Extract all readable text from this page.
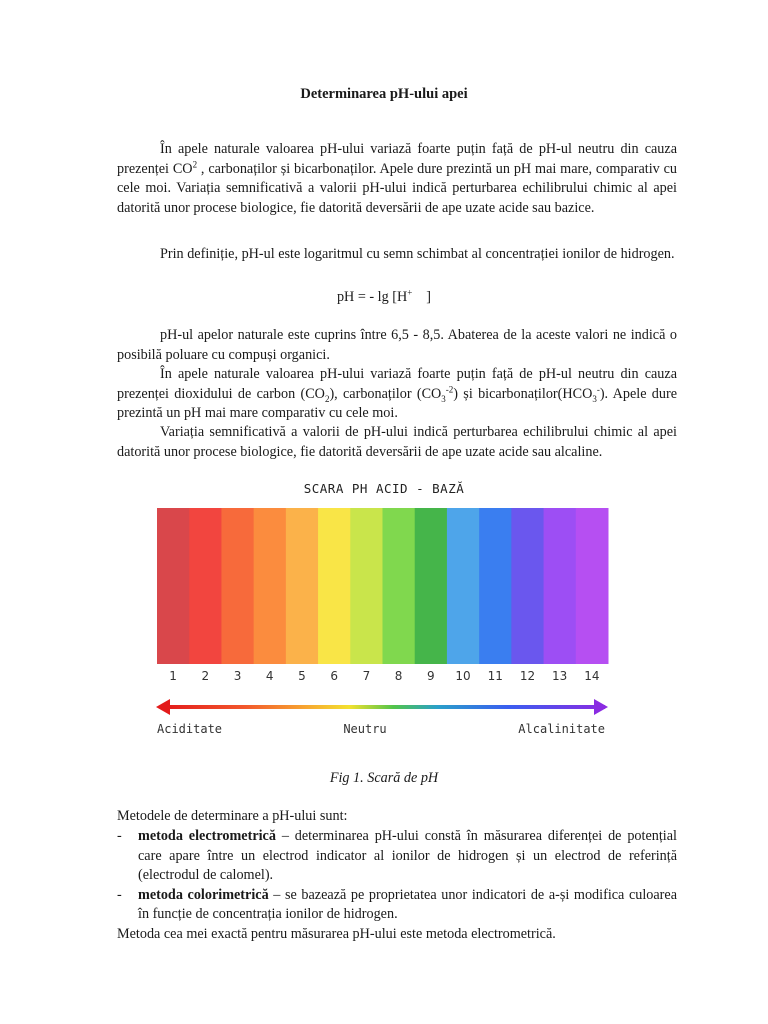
Determinarea pH-ului apei

În apele naturale valoarea pH-ului variază foarte puțin față de pH-ul neutru din cauza prezenței $CO^2$ , carbonaților și bicarbonaților. Apele dure prezintă un pH mai mare, comparativ cu cele moi. Variația semnificativă a valorii pH-ului indică perturbarea echilibrului chimic al apei datorită unor procese biologice, fie datorită deversării de ape uzate acide sau bazice.

Prin definiție, pH-ul este logaritmul cu semn schimbat al concentrației ionilor de hidrogen.

pH = - lg [H+ ]

pH-ul apelor naturale este cuprins între 6,5 - 8,5. Abaterea de la aceste valori ne indică o posibilă poluare cu compuși organici.

În apele naturale valoarea pH-ului variază foarte puțin față de pH-ul neutru din cauza prezenței dioxidului de carbon $(CO_2)$, carbonaților $(CO_3^{-2})$ și $bicarbonaților(HCO_3^-)$. Apele dure prezintă un pH mai mare comparativ cu cele moi.

Variația semnificativă a valorii de pH-ului indică perturbarea echilibrului chimic al apei datorită unor procese biologice, fie datorită deversării de ape uzate acide sau alcaline.

SCARA PH ACID - BAZĂ
1 2 3 4 5 6 7 8 9 10 11 12 13 14
Aciditate	Neutru	Alcalinitate
Fig 1. Scară de pH

Metodele de determinare a pH-ului sunt:

- metoda electrometrică – determinarea pH-ului constă în măsurarea diferenței de potențial care apare între un electrod indicator al ionilor de hidrogen și un electrod de referință (electrodul de calomel).
- metoda colorimetrică – se bazează pe proprietatea unor indicatori de a-și modifica culoarea în funcție de concentrația ionilor de hidrogen.

Metoda cea mei exactă pentru măsurarea pH-ului este metoda electrometrică.
